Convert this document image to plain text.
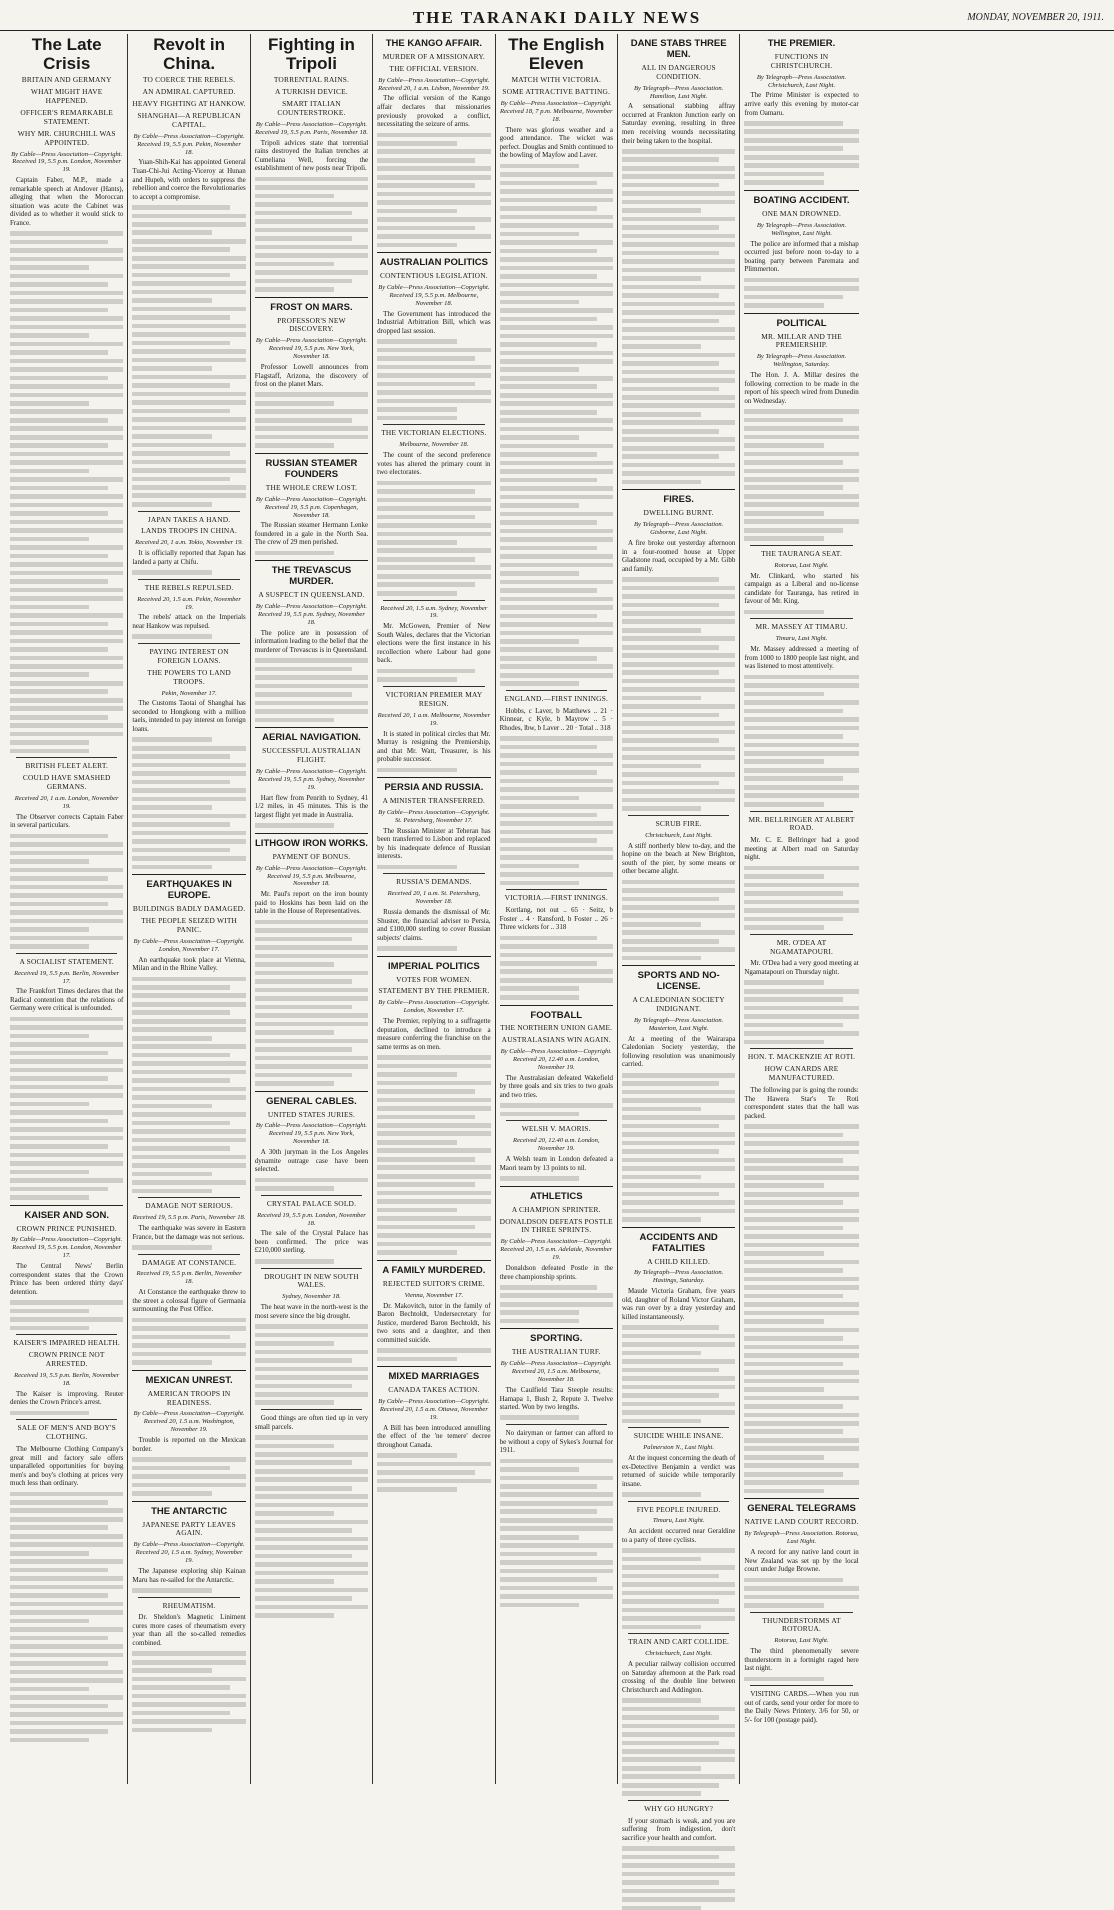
THE TARANAKI DAILY NEWS	MONDAY, NOVEMBER 20, 1911.
The Late Crisis
BRITAIN AND GERMANY
WHAT MIGHT HAVE HAPPENED.
OFFICER'S REMARKABLE STATEMENT.
WHY MR. CHURCHILL WAS APPOINTED.
By Cable—Press Association—Copyright. Received 19, 5.5 p.m. London, November 19.

Captain Faber, M.P., made a remarkable speech at Andover (Hants), alleging that when the Moroccan situation was acute the Cabinet was divided as to whether it would stick to France.

BRITISH FLEET ALERT.
COULD HAVE SMASHED GERMANS.
Received 20, 1 a.m. London, November 19.

The Observer corrects Captain Faber in several particulars.

A SOCIALIST STATEMENT.
Received 19, 5.5 p.m. Berlin, November 17.

The Frankfort Times declares that the Radical contention that the relations of Germany were critical is unfounded.

KAISER AND SON.
CROWN PRINCE PUNISHED.
By Cable—Press Association—Copyright. Received 19, 5.5 p.m. London, November 17.

The Central News' Berlin correspondent states that the Crown Prince has been ordered thirty days' detention.

KAISER'S IMPAIRED HEALTH.
CROWN PRINCE NOT ARRESTED.
Received 19, 5.5 p.m. Berlin, November 18.

The Kaiser is improving. Reuter denies the Crown Prince's arrest.

SALE OF MEN'S AND BOY'S CLOTHING.

The Melbourne Clothing Company's great mill and factory sale offers unparalleled opportunities for buying men's and boy's clothing at prices very much less than ordinary.

Revolt in China.
TO COERCE THE REBELS.
AN ADMIRAL CAPTURED.
HEAVY FIGHTING AT HANKOW.
SHANGHAI—A REPUBLICAN CAPITAL.
By Cable—Press Association—Copyright. Received 19, 5.5 p.m. Pekin, November 18.

Yuan-Shih-Kai has appointed General Tuan-Chi-Jui Acting-Viceroy at Hunan and Hupeh, with orders to suppress the rebellion and coerce the Revolutionaries to accept a compromise.

JAPAN TAKES A HAND.
LANDS TROOPS IN CHINA.
Received 20, 1 a.m. Tokio, November 19.

It is officially reported that Japan has landed a party at Chifu.

THE REBELS REPULSED.
Received 20, 1.5 a.m. Pekin, November 19.

The rebels' attack on the Imperials near Hankow was repulsed.

PAYING INTEREST ON FOREIGN LOANS.
THE POWERS TO LAND TROOPS.
Pekin, November 17.

The Customs Taotai of Shanghai has seconded to Hongkong with a million taels, intended to pay interest on foreign loans.

EARTHQUAKES IN EUROPE.
BUILDINGS BADLY DAMAGED.
THE PEOPLE SEIZED WITH PANIC.
By Cable—Press Association—Copyright. London, November 17.

An earthquake took place at Vienna, Milan and in the Rhine Valley.

DAMAGE NOT SERIOUS.
Received 19, 5.5 p.m. Paris, November 18.

The earthquake was severe in Eastern France, but the damage was not serious.

DAMAGE AT CONSTANCE.
Received 19, 5.5 p.m. Berlin, November 18.

At Constance the earthquake threw to the street a colossal figure of Germania surmounting the Post Office.

MEXICAN UNREST.
AMERICAN TROOPS IN READINESS.
By Cable—Press Association—Copyright. Received 20, 1.5 a.m. Washington, November 19.

Trouble is reported on the Mexican border.

THE ANTARCTIC
JAPANESE PARTY LEAVES AGAIN.
By Cable—Press Association—Copyright. Received 20, 1.5 a.m. Sydney, November 19.

The Japanese exploring ship Kainan Maru has re-sailed for the Antarctic.

RHEUMATISM.

Dr. Sheldon's Magnetic Liniment cures more cases of rheumatism every year than all the so-called remedies combined.

Fighting in Tripoli
TORRENTIAL RAINS.
A TURKISH DEVICE.
SMART ITALIAN COUNTERSTROKE.
By Cable—Press Association—Copyright. Received 19, 5.5 p.m. Paris, November 18.

Tripoli advices state that torrential rains destroyed the Italian trenches at Cumeliana Well, forcing the establishment of new posts near Tripoli.

FROST ON MARS.
PROFESSOR'S NEW DISCOVERY.
By Cable—Press Association—Copyright. Received 19, 5.5 p.m. New York, November 18.

Professor Lowell announces from Flagstaff, Arizona, the discovery of frost on the planet Mars.

RUSSIAN STEAMER FOUNDERS
THE WHOLE CREW LOST.
By Cable—Press Association—Copyright. Received 19, 5.5 p.m. Copenhagen, November 18.

The Russian steamer Hermann Lenke foundered in a gale in the North Sea. The crew of 29 men perished.

THE TREVASCUS MURDER.
A SUSPECT IN QUEENSLAND.
By Cable—Press Association—Copyright. Received 19, 5.5 p.m. Sydney, November 18.

The police are in possession of information leading to the belief that the murderer of Trevascus is in Queensland.

AERIAL NAVIGATION.
SUCCESSFUL AUSTRALIAN FLIGHT.
By Cable—Press Association—Copyright. Received 19, 5.5 p.m. Sydney, November 19.

Hart flew from Penrith to Sydney, 41 1/2 miles, in 45 minutes. This is the largest flight yet made in Australia.

LITHGOW IRON WORKS.
PAYMENT OF BONUS.
By Cable—Press Association—Copyright. Received 19, 5.5 p.m. Melbourne, November 18.

Mr. Paul's report on the iron bounty paid to Hoskins has been laid on the table in the House of Representatives.

GENERAL CABLES.
UNITED STATES JURIES.
By Cable—Press Association—Copyright. Received 19, 5.5 p.m. New York, November 18.

A 30th juryman in the Los Angeles dynamite outrage case have been selected.

CRYSTAL PALACE SOLD.
Received 19, 5.5 p.m. London, November 18.

The sale of the Crystal Palace has been confirmed. The price was £210,000 sterling.

DROUGHT IN NEW SOUTH WALES.
Sydney, November 18.

The heat wave in the north-west is the most severe since the big drought.

Good things are often tied up in very small parcels.

THE KANGO AFFAIR.
MURDER OF A MISSIONARY.
THE OFFICIAL VERSION.
By Cable—Press Association—Copyright. Received 20, 1 a.m. Lisbon, November 19.

The official version of the Kango affair declares that missionaries previously provoked a conflict, necessitating the seizure of arms.

AUSTRALIAN POLITICS
CONTENTIOUS LEGISLATION.
By Cable—Press Association—Copyright. Received 19, 5.5 p.m. Melbourne, November 18.

The Government has introduced the Industrial Arbitration Bill, which was dropped last session.

THE VICTORIAN ELECTIONS.
Melbourne, November 18.

The count of the second preference votes has altered the primary count in two electorates.

Received 20, 1.5 a.m. Sydney, November 19.

Mr. McGowen, Premier of New South Wales, declares that the Victorian elections were the first instance in his recollection where Labour had gone back.

VICTORIAN PREMIER MAY RESIGN.
Received 20, 1 a.m. Melbourne, November 19.

It is stated in political circles that Mr. Murray is resigning the Premiership, and that Mr. Watt, Treasurer, is his probable successor.

PERSIA AND RUSSIA.
A MINISTER TRANSFERRED.
By Cable—Press Association—Copyright. St. Petersburg, November 17.

The Russian Minister at Teheran has been transferred to Lisbon and replaced by his inadequate defence of Russian interests.

RUSSIA'S DEMANDS.
Received 20, 1 a.m. St. Petersburg, November 18.

Russia demands the dismissal of Mr. Shuster, the financial adviser to Persia, and £100,000 sterling to cover Russian subjects' claims.

IMPERIAL POLITICS
VOTES FOR WOMEN.
STATEMENT BY THE PREMIER.
By Cable—Press Association—Copyright. London, November 17.

The Premier, replying to a suffragette deputation, declined to introduce a measure conferring the franchise on the same terms as on men.

A FAMILY MURDERED.
REJECTED SUITOR'S CRIME.
Vienna, November 17.

Dr. Makovitch, tutor in the family of Baron Bechtoldt, Undersecretary for Justice, murdered Baron Bechtoldt, his two sons and a daughter, and then committed suicide.

MIXED MARRIAGES
CANADA TAKES ACTION.
By Cable—Press Association—Copyright. Received 20, 1.5 a.m. Ottawa, November 19.

A Bill has been introduced annulling the effect of the 'ne temere' decree throughout Canada.

The English Eleven
MATCH WITH VICTORIA.
SOME ATTRACTIVE BATTING.
By Cable—Press Association—Copyright. Received 18, 7 p.m. Melbourne, November 18.

There was glorious weather and a good attendance. The wicket was perfect. Douglas and Smith continued to the bowling of Mayfow and Laver.

ENGLAND.—FIRST INNINGS.

Hobbs, c Laver, b Matthews .. 21 · Kinnear, c Kyle, b Mayrow .. 5 · Rhodes, lbw, b Laver .. 20 · Total .. 318

VICTORIA.—FIRST INNINGS.

Kortlang, not out .. 65 · Seitz, b Foster .. 4 · Ransford, b Foster .. 26 · Three wickets for .. 318

FOOTBALL
THE NORTHERN UNION GAME.
AUSTRALASIANS WIN AGAIN.
By Cable—Press Association—Copyright. Received 20, 12.40 a.m. London, November 19.

The Australasian defeated Wakefield by three goals and six tries to two goals and two tries.

WELSH V. MAORIS.
Received 20, 12.40 a.m. London, November 19.

A Welsh team in London defeated a Maori team by 13 points to nil.

ATHLETICS
A CHAMPION SPRINTER.
DONALDSON DEFEATS POSTLE IN THREE SPRINTS.
By Cable—Press Association—Copyright. Received 20, 1.5 a.m. Adelaide, November 19.

Donaldson defeated Postle in the three championship sprints.

SPORTING.
THE AUSTRALIAN TURF.
By Cable—Press Association—Copyright. Received 20, 1.5 a.m. Melbourne, November 18.

The Caulfield Tara Steeple results: Hamapa 1, Bush 2, Repute 3. Twelve started. Won by two lengths.

No dairyman or farmer can afford to be without a copy of Sykes's Journal for 1911.

DANE STABS THREE MEN.
ALL IN DANGEROUS CONDITION.
By Telegraph—Press Association. Hamilton, Last Night.

A sensational stabbing affray occurred at Frankton Junction early on Saturday evening, resulting in three men receiving wounds necessitating their being taken to the hospital.

FIRES.
DWELLING BURNT.
By Telegraph—Press Association. Gisborne, Last Night.

A fire broke out yesterday afternoon in a four-roomed house at Upper Gladstone road, occupied by a Mr. Gibb and family.

SCRUB FIRE.
Christchurch, Last Night.

A stiff northerly blew to-day, and the hopine on the beach at New Brighton, south of the pier, by some means or other became alight.

SPORTS AND NO-LICENSE.
A CALEDONIAN SOCIETY INDIGNANT.
By Telegraph—Press Association. Masterton, Last Night.

At a meeting of the Wairarapa Caledonian Society yesterday, the following resolution was unanimously carried.

ACCIDENTS AND FATALITIES
A CHILD KILLED.
By Telegraph—Press Association. Hastings, Saturday.

Maude Victoria Graham, five years old, daughter of Roland Victor Graham, was run over by a dray yesterday and killed instantaneously.

SUICIDE WHILE INSANE.
Palmerston N., Last Night.

At the inquest concerning the death of ex-Detective Benjamin a verdict was returned of suicide while temporarily insane.

FIVE PEOPLE INJURED.
Timaru, Last Night.

An accident occurred near Geraldine to a party of three cyclists.

TRAIN AND CART COLLIDE.
Christchurch, Last Night.

A peculiar railway collision occurred on Saturday afternoon at the Park road crossing of the double line between Christchurch and Addington.

WHY GO HUNGRY?

If your stomach is weak, and you are suffering from indigestion, don't sacrifice your health and comfort.

THE PREMIER.
FUNCTIONS IN CHRISTCHURCH.
By Telegraph—Press Association. Christchurch, Last Night.

The Prime Minister is expected to arrive early this evening by motor-car from Oamaru.

BOATING ACCIDENT.
ONE MAN DROWNED.
By Telegraph—Press Association. Wellington, Last Night.

The police are informed that a mishap occurred just before noon to-day to a boating party between Paremata and Plimmerton.

POLITICAL
MR. MILLAR AND THE PREMIERSHIP.
By Telegraph—Press Association. Wellington, Saturday.

The Hon. J. A. Millar desires the following correction to be made in the report of his speech wired from Dunedin on Wednesday.

THE TAURANGA SEAT.
Rotorua, Last Night.

Mr. Clinkard, who started his campaign as a Liberal and no-license candidate for Tauranga, has retired in favour of Mr. King.

MR. MASSEY AT TIMARU.
Timaru, Last Night.

Mr. Massey addressed a meeting of from 1000 to 1800 people last night, and was listened to most attentively.

MR. BELLRINGER AT ALBERT ROAD.

Mr. C. E. Bellringer had a good meeting at Albert road on Saturday night.

MR. O'DEA AT NGAMATAPOURI.

Mr. O'Dea had a very good meeting at Ngamatapouri on Thursday night.

HON. T. MACKENZIE AT ROTI.
HOW CANARDS ARE MANUFACTURED.

The following par is going the rounds: The Hawera Star's Te Roti correspondent states that the hall was packed.

GENERAL TELEGRAMS
NATIVE LAND COURT RECORD.
By Telegraph—Press Association. Rotorua, Last Night.

A record for any native land court in New Zealand was set up by the local court under Judge Browne.

THUNDERSTORMS AT ROTORUA.
Rotorua, Last Night.

The third phenomenally severe thunderstorm in a fortnight raged here last night.

VISITING CARDS.—When you run out of cards, send your order for more to the Daily News Printery. 3/6 for 50, or 5/- for 100 (postage paid).
